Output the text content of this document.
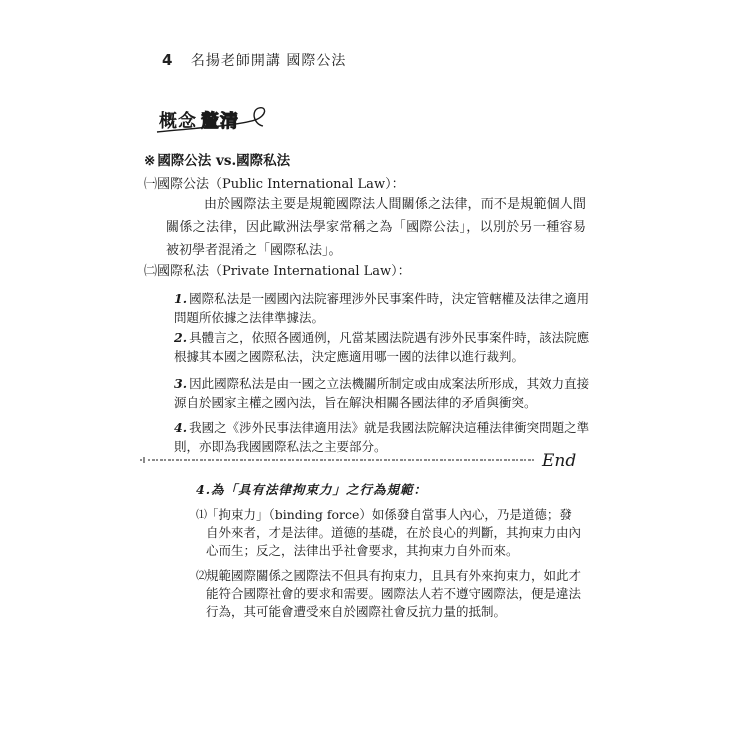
4 名揚老師開講 國際公法
概念 釐清
※ 國際公法 vs.國際私法
㈠國際公法（Public International Law）：
由於國際法主要是規範國際法人間關係之法律，而不是規範個人間關係之法律，因此歐洲法學家常稱之為「國際公法」，以別於另一種容易被初學者混淆之「國際私法」。
㈡國際私法（Private International Law）：
1. 國際私法是一國國內法院審理涉外民事案件時，決定管轄權及法律之適用問題所依據之法律準據法。
2. 具體言之，依照各國通例，凡當某國法院遇有涉外民事案件時，該法院應根據其本國之國際私法，決定應適用哪一國的法律以進行裁判。
3. 因此國際私法是由一國之立法機關所制定或由成案法所形成，其效力直接源自於國家主權之國內法，旨在解決相關各國法律的矛盾與衝突。
4. 我國之《涉外民事法律適用法》就是我國法院解決這種法律衝突問題之準則，亦即為我國國際私法之主要部分。
End
4.為「具有法律拘束力」之行為規範：
⑴ 「拘束力」（binding force）如係發自當事人內心，乃是道德；發自外來者，才是法律。道德的基礎，在於良心的判斷，其拘束力由內心而生；反之，法律出乎社會要求，其拘束力自外而來。
⑵ 規範國際關係之國際法不但具有拘束力，且具有外來拘束力，如此才能符合國際社會的要求和需要。國際法人若不遵守國際法，便是違法行為，其可能會遭受來自於國際社會反抗力量的抵制。
